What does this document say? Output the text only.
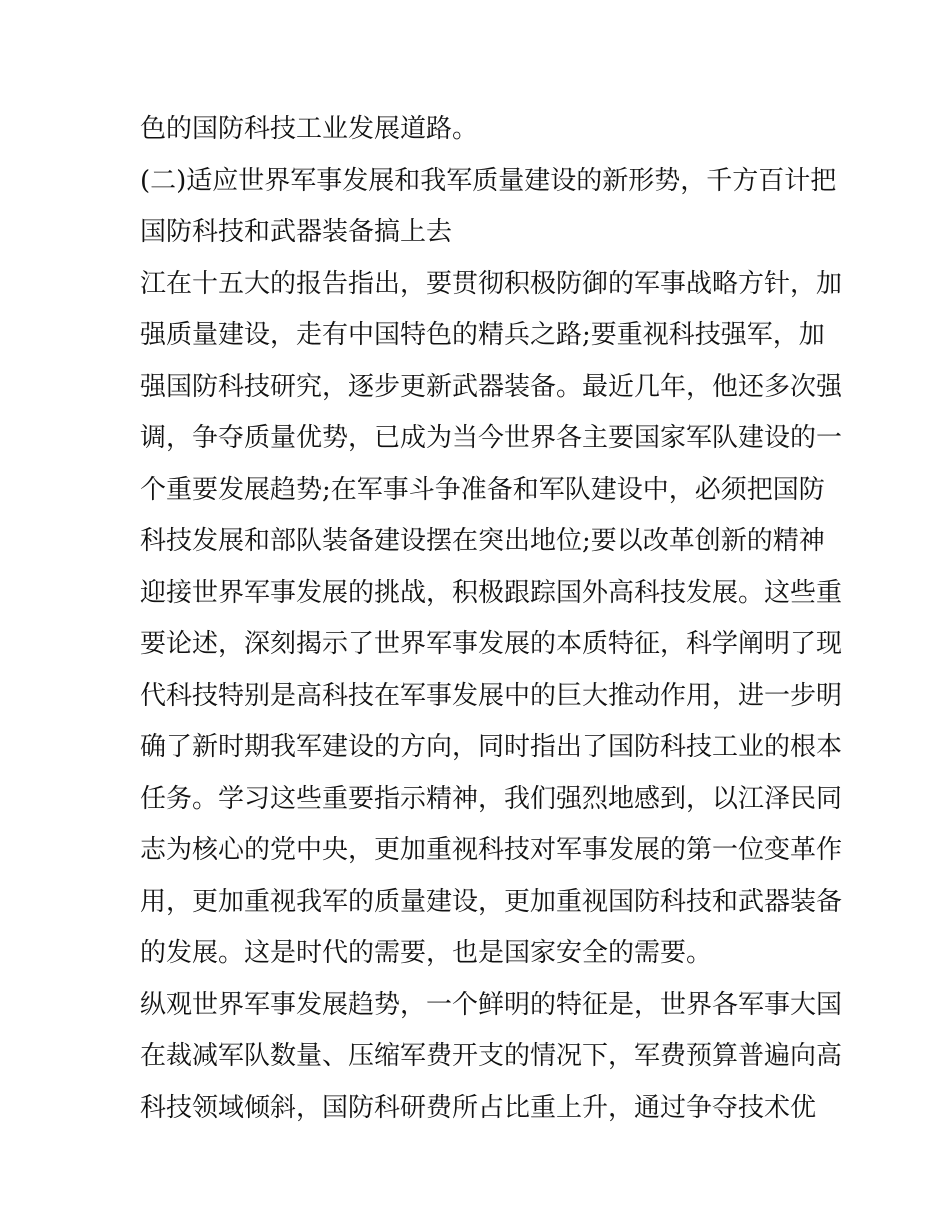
色的国防科技工业发展道路。
(二)适应世界军事发展和我军质量建设的新形势，千方百计把
国防科技和武器装备搞上去
江在十五大的报告指出，要贯彻积极防御的军事战略方针，加
强质量建设，走有中国特色的精兵之路;要重视科技强军，加
强国防科技研究，逐步更新武器装备。最近几年，他还多次强
调，争夺质量优势，已成为当今世界各主要国家军队建设的一
个重要发展趋势;在军事斗争准备和军队建设中，必须把国防
科技发展和部队装备建设摆在突出地位;要以改革创新的精神
迎接世界军事发展的挑战，积极跟踪国外高科技发展。这些重
要论述，深刻揭示了世界军事发展的本质特征，科学阐明了现
代科技特别是高科技在军事发展中的巨大推动作用，进一步明
确了新时期我军建设的方向，同时指出了国防科技工业的根本
任务。学习这些重要指示精神，我们强烈地感到，以江泽民同
志为核心的党中央，更加重视科技对军事发展的第一位变革作
用，更加重视我军的质量建设，更加重视国防科技和武器装备
的发展。这是时代的需要，也是国家安全的需要。
纵观世界军事发展趋势，一个鲜明的特征是，世界各军事大国
在裁减军队数量、压缩军费开支的情况下，军费预算普遍向高
科技领域倾斜，国防科研费所占比重上升，通过争夺技术优
